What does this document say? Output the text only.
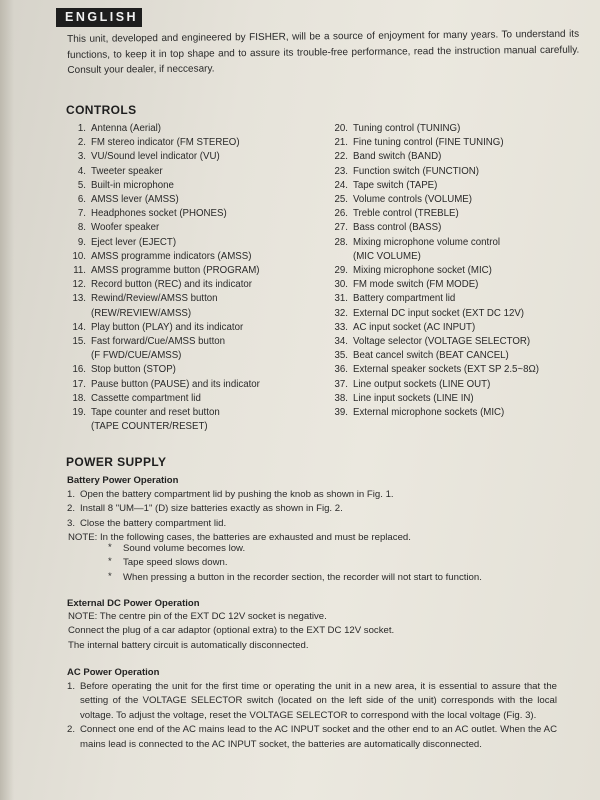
ENGLISH
This unit, developed and engineered by FISHER, will be a source of enjoyment for many years. To understand its functions, to keep it in top shape and to assure its trouble-free performance, read the instruction manual carefully. Consult your dealer, if neccesary.
CONTROLS
1. Antenna (Aerial)
2. FM stereo indicator (FM STEREO)
3. VU/Sound level indicator (VU)
4. Tweeter speaker
5. Built-in microphone
6. AMSS lever (AMSS)
7. Headphones socket (PHONES)
8. Woofer speaker
9. Eject lever (EJECT)
10. AMSS programme indicators (AMSS)
11. AMSS programme button (PROGRAM)
12. Record button (REC) and its indicator
13. Rewind/Review/AMSS button
(REW/REVIEW/AMSS)
14. Play button (PLAY) and its indicator
15. Fast forward/Cue/AMSS button
(F FWD/CUE/AMSS)
16. Stop button (STOP)
17. Pause button (PAUSE) and its indicator
18. Cassette compartment lid
19. Tape counter and reset button
(TAPE COUNTER/RESET)
20. Tuning control (TUNING)
21. Fine tuning control (FINE TUNING)
22. Band switch (BAND)
23. Function switch (FUNCTION)
24. Tape switch (TAPE)
25. Volume controls (VOLUME)
26. Treble control (TREBLE)
27. Bass control (BASS)
28. Mixing microphone volume control
(MIC VOLUME)
29. Mixing microphone socket (MIC)
30. FM mode switch (FM MODE)
31. Battery compartment lid
32. External DC input socket (EXT DC 12V)
33. AC input socket (AC INPUT)
34. Voltage selector (VOLTAGE SELECTOR)
35. Beat cancel switch (BEAT CANCEL)
36. External speaker sockets (EXT SP 2.5~8Ω)
37. Line output sockets (LINE OUT)
38. Line input sockets (LINE IN)
39. External microphone sockets (MIC)
POWER SUPPLY
Battery Power Operation
1. Open the battery compartment lid by pushing the knob as shown in Fig. 1.
2. Install 8 "UM—1" (D) size batteries exactly as shown in Fig. 2.
3. Close the battery compartment lid.
NOTE: In the following cases, the batteries are exhausted and must be replaced.
* Sound volume becomes low.
* Tape speed slows down.
* When pressing a button in the recorder section, the recorder will not start to function.
External DC Power Operation
NOTE: The centre pin of the EXT DC 12V socket is negative.
Connect the plug of a car adaptor (optional extra) to the EXT DC 12V socket.
The internal battery circuit is automatically disconnected.
AC Power Operation
1. Before operating the unit for the first time or operating the unit in a new area, it is essential to assure that the setting of the VOLTAGE SELECTOR switch (located on the left side of the unit) corresponds with the local voltage. To adjust the voltage, reset the VOLTAGE SELECTOR to correspond with the local voltage (Fig. 3).
2. Connect one end of the AC mains lead to the AC INPUT socket and the other end to an AC outlet. When the AC mains lead is connected to the AC INPUT socket, the batteries are automatically disconnected.
